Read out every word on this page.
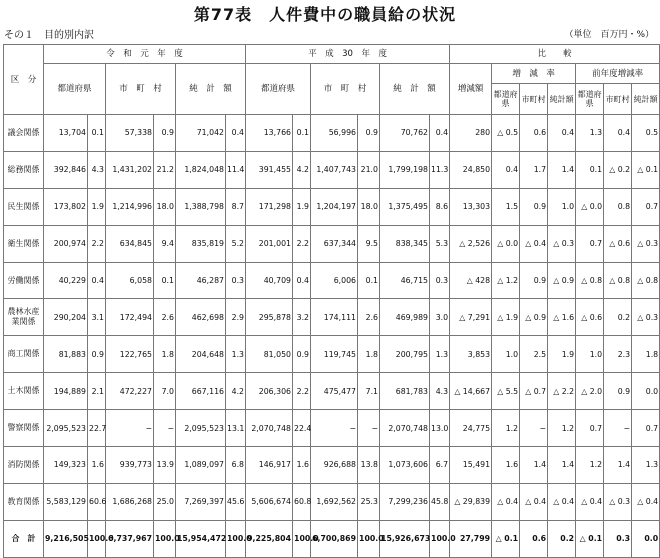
第77表　人件費中の職員給の状況
その１　目的別内訳	（単位　百万円・%）
区　分	令　和　元　年　度						平　成　30　年　度						比　　較						
	都道府県		市　町　村		純　計　額		都道府県		市　町　村		純　計　額		増減額	増　減　率			前年度増減率		
														都道府県	市町村	純計額	都道府県	市町村	純計額
議会関係	13,704	0.1	57,338	0.9	71,042	0.4	13,766	0.1	56,996	0.9	70,762	0.4	280	△ 0.5	0.6	0.4	1.3	0.4	0.5
総務関係	392,846	4.3	1,431,202	21.2	1,824,048	11.4	391,455	4.2	1,407,743	21.0	1,799,198	11.3	24,850	0.4	1.7	1.4	0.1	△ 0.2	△ 0.1
民生関係	173,802	1.9	1,214,996	18.0	1,388,798	8.7	171,298	1.9	1,204,197	18.0	1,375,495	8.6	13,303	1.5	0.9	1.0	△ 0.0	0.8	0.7
衛生関係	200,974	2.2	634,845	9.4	835,819	5.2	201,001	2.2	637,344	9.5	838,345	5.3	△ 2,526	△ 0.0	△ 0.4	△ 0.3	0.7	△ 0.6	△ 0.3
労働関係	40,229	0.4	6,058	0.1	46,287	0.3	40,709	0.4	6,006	0.1	46,715	0.3	△ 428	△ 1.2	0.9	△ 0.9	△ 0.8	△ 0.8	△ 0.8
農林水産業関係	290,204	3.1	172,494	2.6	462,698	2.9	295,878	3.2	174,111	2.6	469,989	3.0	△ 7,291	△ 1.9	△ 0.9	△ 1.6	△ 0.6	0.2	△ 0.3
商工関係	81,883	0.9	122,765	1.8	204,648	1.3	81,050	0.9	119,745	1.8	200,795	1.3	3,853	1.0	2.5	1.9	1.0	2.3	1.8
土木関係	194,889	2.1	472,227	7.0	667,116	4.2	206,306	2.2	475,477	7.1	681,783	4.3	△ 14,667	△ 5.5	△ 0.7	△ 2.2	△ 2.0	0.9	0.0
警察関係	2,095,523	22.7	−	−	2,095,523	13.1	2,070,748	22.4	−	−	2,070,748	13.0	24,775	1.2	−	1.2	0.7	−	0.7
消防関係	149,323	1.6	939,773	13.9	1,089,097	6.8	146,917	1.6	926,688	13.8	1,073,606	6.7	15,491	1.6	1.4	1.4	1.2	1.4	1.3
教育関係	5,583,129	60.6	1,686,268	25.0	7,269,397	45.6	5,606,674	60.8	1,692,562	25.3	7,299,236	45.8	△ 29,839	△ 0.4	△ 0.4	△ 0.4	△ 0.4	△ 0.3	△ 0.4
合　計	9,216,505	100.0	6,737,967	100.0	15,954,472	100.0	9,225,804	100.0	6,700,869	100.0	15,926,673	100.0	27,799	△ 0.1	0.6	0.2	△ 0.1	0.3	0.0
